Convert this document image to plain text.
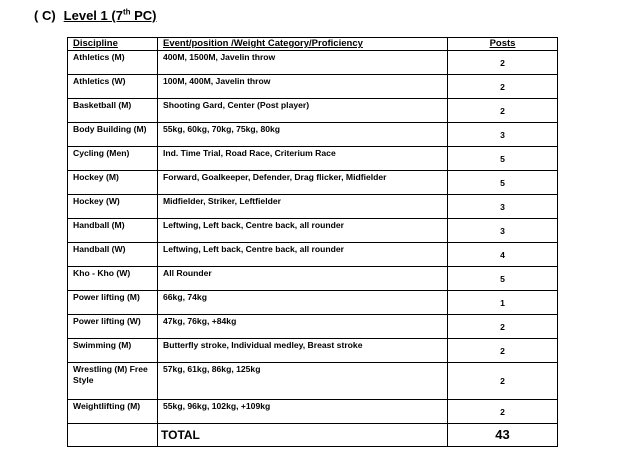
( C) Level 1 (7th PC)
Discipline	Event/position /Weight Category/Proficiency	Posts
Athletics (M)	400M, 1500M, Javelin throw	2
Athletics (W)	100M, 400M, Javelin throw	2
Basketball (M)	Shooting Gard, Center (Post player)	2
Body Building (M)	55kg, 60kg, 70kg, 75kg, 80kg	3
Cycling (Men)	Ind. Time Trial, Road Race, Criterium Race	5
Hockey (M)	Forward, Goalkeeper, Defender, Drag flicker, Midfielder	5
Hockey (W)	Midfielder, Striker, Leftfielder	3
Handball (M)	Leftwing, Left back, Centre back, all rounder	3
Handball (W)	Leftwing, Left back, Centre back, all rounder	4
Kho - Kho (W)	All Rounder	5
Power lifting (M)	66kg, 74kg	1
Power lifting (W)	47kg, 76kg, +84kg	2
Swimming (M)	Butterfly stroke, Individual medley, Breast stroke	2
Wrestling (M) Free Style	57kg, 61kg, 86kg, 125kg	2
Weightlifting (M)	55kg, 96kg, 102kg, +109kg	2
	TOTAL	43
